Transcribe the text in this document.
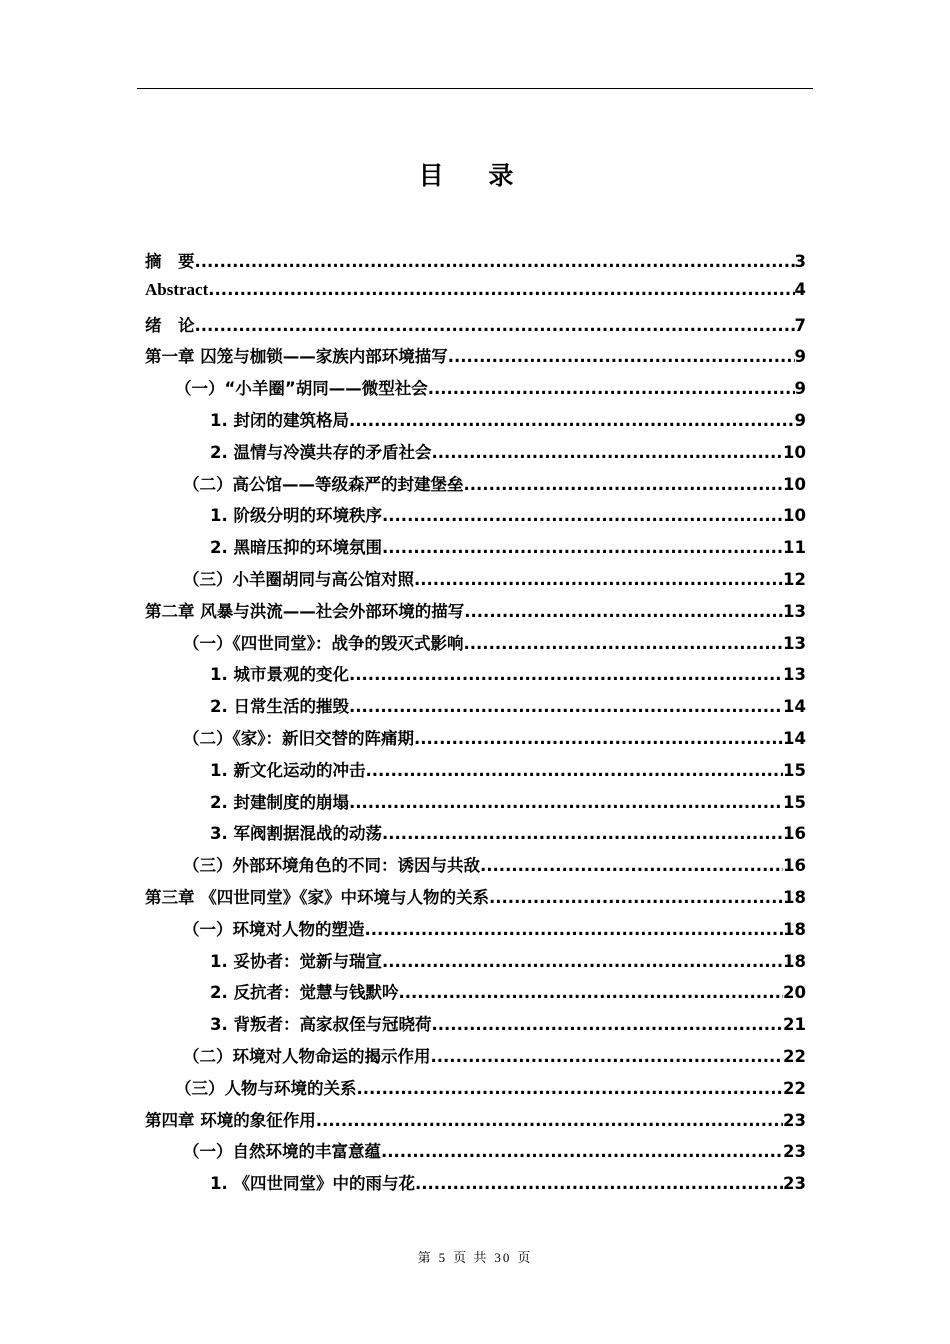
目 录
摘　要 .....	3
Abstract .....	4
绪　论 .....	7
第一章 囚笼与枷锁——家族内部环境描写 .....	9
（一）“小羊圈”胡同——微型社会 .....	9
1. 封闭的建筑格局 .....	9
2. 温情与冷漠共存的矛盾社会 .....	10
（二）高公馆——等级森严的封建堡垒 .....	10
1. 阶级分明的环境秩序 .....	10
2. 黑暗压抑的环境氛围 .....	11
（三）小羊圈胡同与高公馆对照 .....	12
第二章 风暴与洪流——社会外部环境的描写 .....	13
（一）《四世同堂》：战争的毁灭式影响 .....	13
1. 城市景观的变化 .....	13
2. 日常生活的摧毁 .....	14
（二）《家》：新旧交替的阵痛期 .....	14
1. 新文化运动的冲击 .....	15
2. 封建制度的崩塌 .....	15
3. 军阀割据混战的动荡 .....	16
（三）外部环境角色的不同：诱因与共敌 .....	16
第三章 《四世同堂》《家》中环境与人物的关系 .....	18
（一）环境对人物的塑造 .....	18
1. 妥协者：觉新与瑞宣 .....	18
2. 反抗者：觉慧与钱默吟 .....	20
3. 背叛者：高家叔侄与冠晓荷 .....	21
（二）环境对人物命运的揭示作用 .....	22
（三）人物与环境的关系 .....	22
第四章 环境的象征作用 .....	23
（一）自然环境的丰富意蕴 .....	23
1. 《四世同堂》中的雨与花 .....	23
第 5 页 共 30 页
